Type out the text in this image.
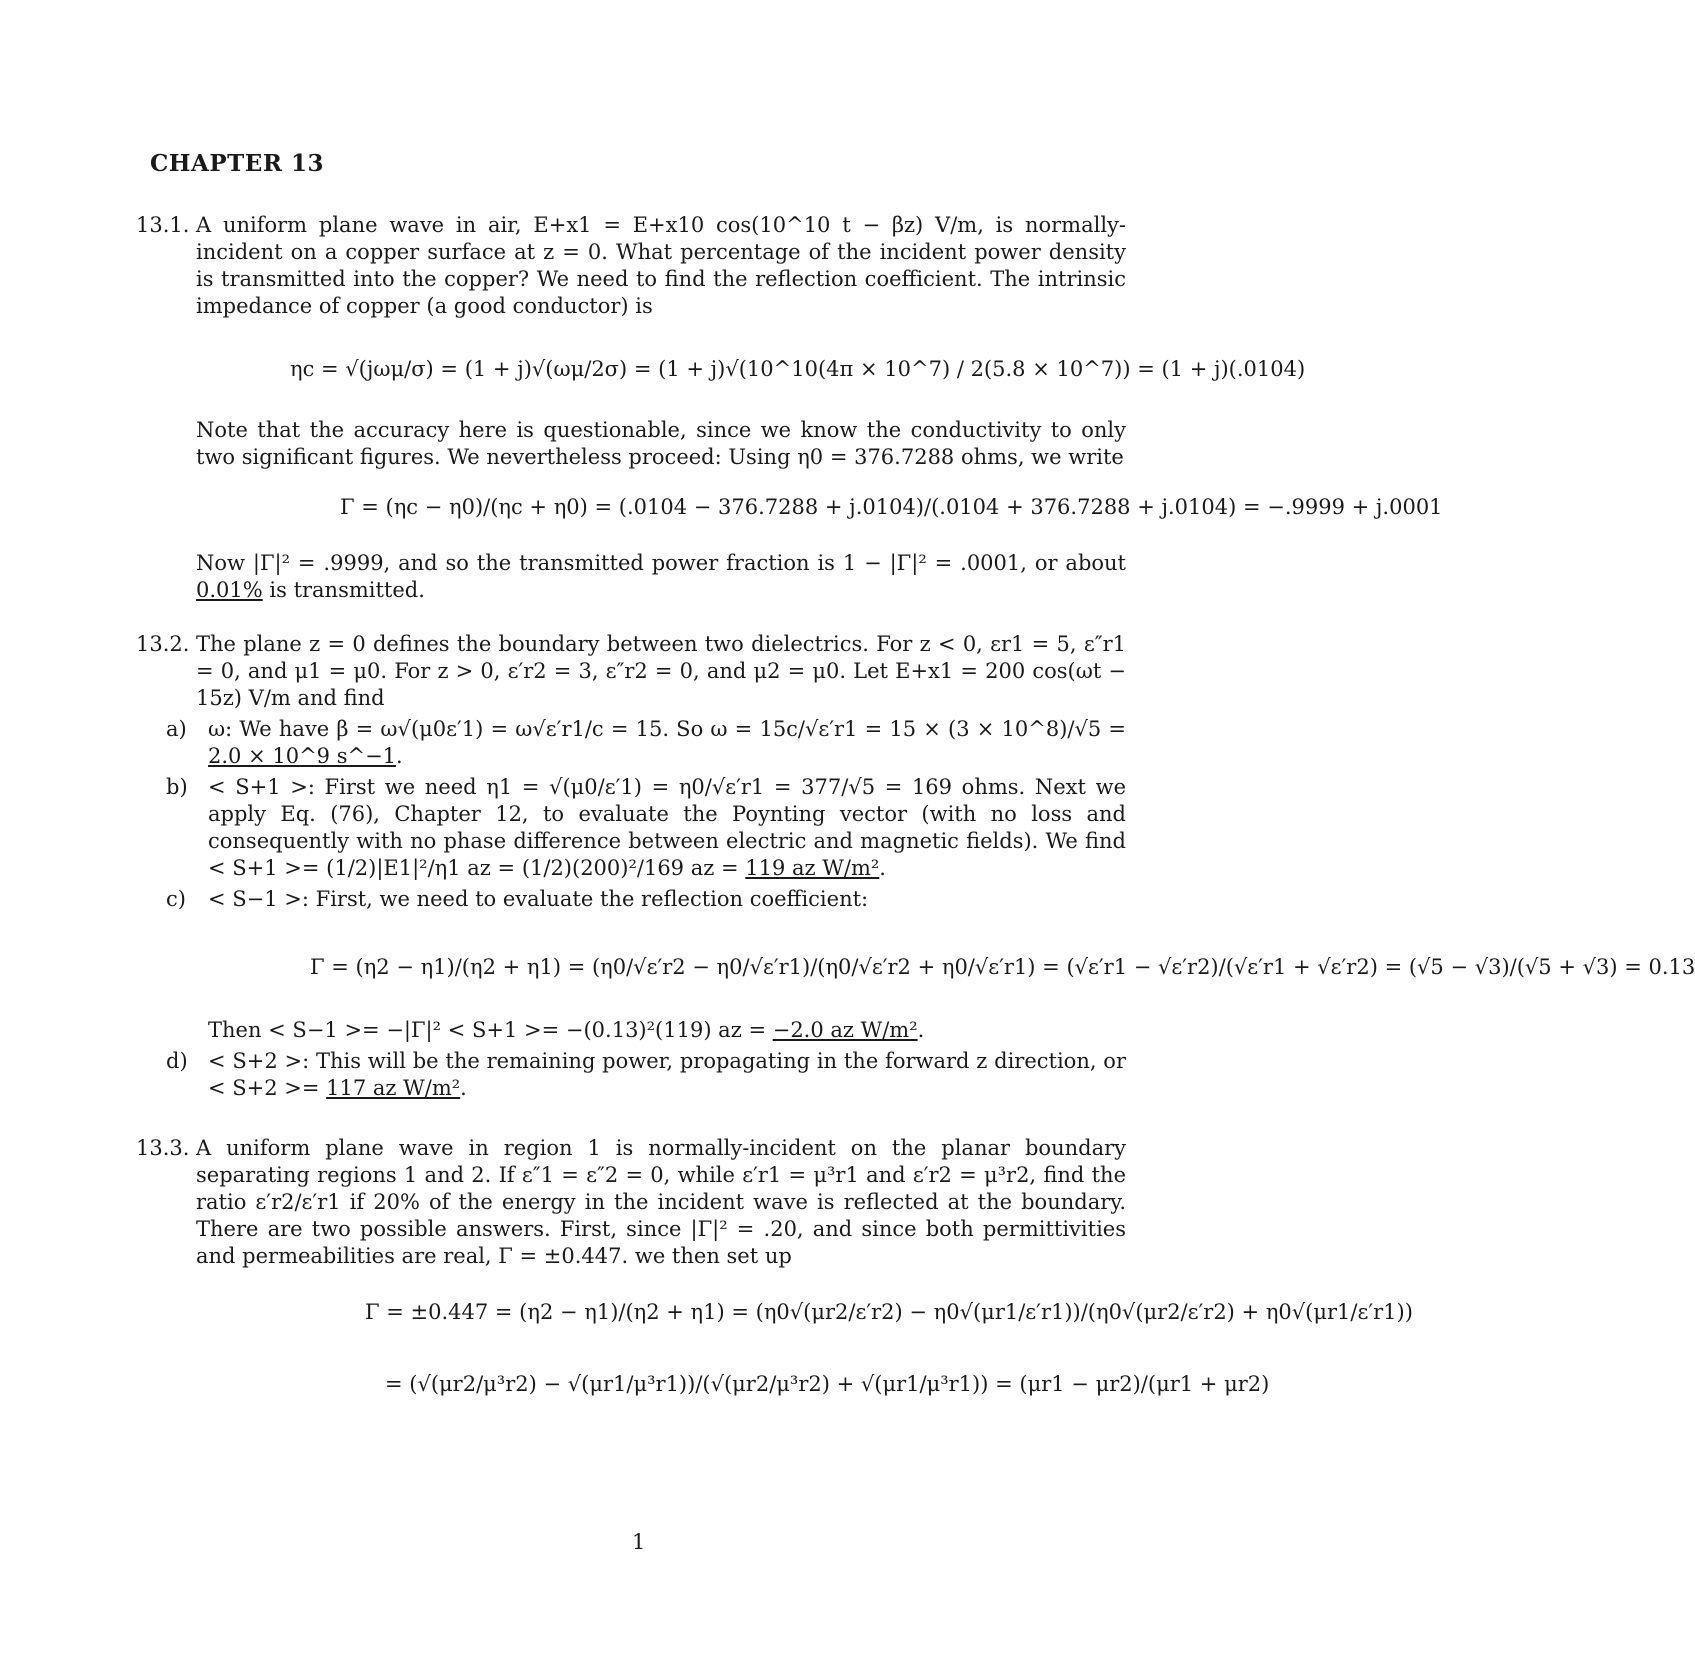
CHAPTER 13
13.1. A uniform plane wave in air, E+x1 = E+x10 cos(10^10 t − βz) V/m, is normally-incident on a copper surface at z = 0. What percentage of the incident power density is transmitted into the copper? We need to find the reflection coefficient. The intrinsic impedance of copper (a good conductor) is
ηc = √(jωμ/σ) = (1 + j)√(ωμ/2σ) = (1 + j)√(10^10(4π × 10^7) / 2(5.8 × 10^7)) = (1 + j)(.0104)
Note that the accuracy here is questionable, since we know the conductivity to only two significant figures. We nevertheless proceed: Using η0 = 376.7288 ohms, we write
Γ = (ηc − η0)/(ηc + η0) = (.0104 − 376.7288 + j.0104)/(.0104 + 376.7288 + j.0104) = −.9999 + j.0001
Now |Γ|² = .9999, and so the transmitted power fraction is 1 − |Γ|² = .0001, or about 0.01% is transmitted.
13.2. The plane z = 0 defines the boundary between two dielectrics. For z < 0, εr1 = 5, ε″r1 = 0, and μ1 = μ0. For z > 0, ε′r2 = 3, ε″r2 = 0, and μ2 = μ0. Let E+x1 = 200 cos(ωt − 15z) V/m and find
a) ω: We have β = ω√(μ0ε′1) = ω√ε′r1/c = 15. So ω = 15c/√ε′r1 = 15 × (3 × 10^8)/√5 = 2.0 × 10^9 s^−1.
b) < S+1 >: First we need η1 = √(μ0/ε′1) = η0/√ε′r1 = 377/√5 = 169 ohms. Next we apply Eq. (76), Chapter 12, to evaluate the Poynting vector (with no loss and consequently with no phase difference between electric and magnetic fields). We find < S+1 >= (1/2)|E1|²/η1 az = (1/2)(200)²/169 az = 119 az W/m².
c) < S−1 >: First, we need to evaluate the reflection coefficient:
Γ = (η2 − η1)/(η2 + η1) = (η0/√ε′r2 − η0/√ε′r1)/(η0/√ε′r2 + η0/√ε′r1) = (√ε′r1 − √ε′r2)/(√ε′r1 + √ε′r2) = (√5 − √3)/(√5 + √3) = 0.13
Then < S−1 >= −|Γ|² < S+1 >= −(0.13)²(119) az = −2.0 az W/m².
d) < S+2 >: This will be the remaining power, propagating in the forward z direction, or < S+2 >= 117 az W/m².
13.3. A uniform plane wave in region 1 is normally-incident on the planar boundary separating regions 1 and 2. If ε″1 = ε″2 = 0, while ε′r1 = μ³r1 and ε′r2 = μ³r2, find the ratio ε′r2/ε′r1 if 20% of the energy in the incident wave is reflected at the boundary. There are two possible answers. First, since |Γ|² = .20, and since both permittivities and permeabilities are real, Γ = ±0.447. we then set up
Γ = ±0.447 = (η2 − η1)/(η2 + η1) = (η0√(μr2/ε′r2) − η0√(μr1/ε′r1))/(η0√(μr2/ε′r2) + η0√(μr1/ε′r1))
= (√(μr2/μ³r2) − √(μr1/μ³r1))/(√(μr2/μ³r2) + √(μr1/μ³r1)) = (μr1 − μr2)/(μr1 + μr2)
1
